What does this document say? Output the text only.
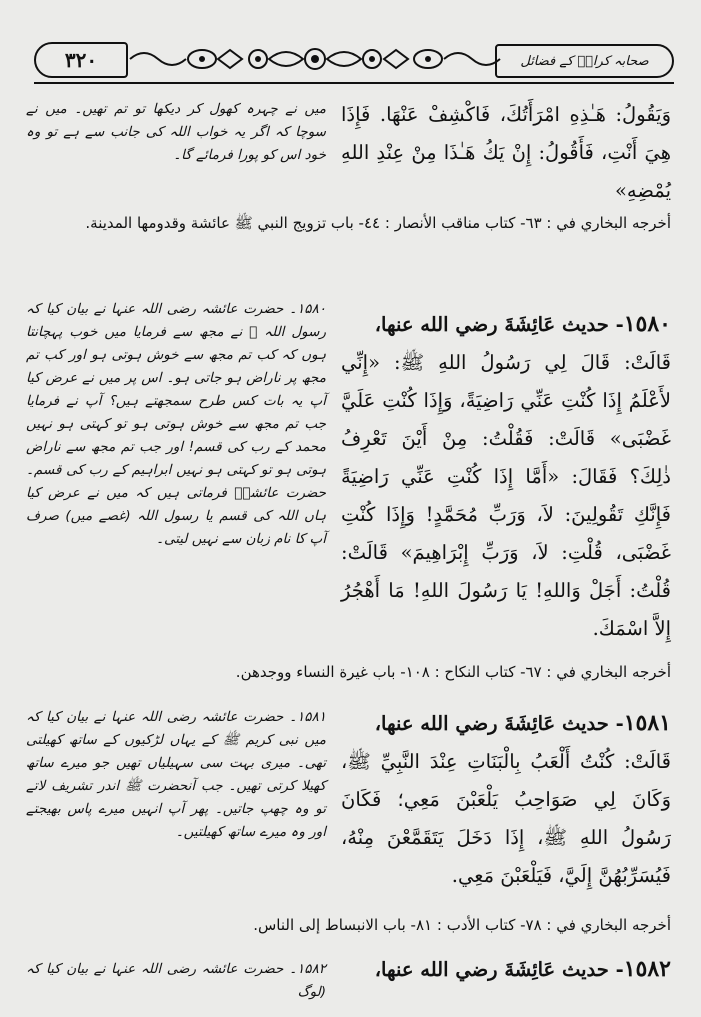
۳۲۰	صحابہ کرامؓ کے فضائل

وَيَقُولُ: هَـٰذِهِ امْرَأَتُكَ، فَاكْشِفْ عَنْهَا. فَإِذَا هِيَ أَنْتِ، فَأَقُولُ: إِنْ يَكُ هَـٰذَا مِنْ عِنْدِ اللهِ يُمْضِهِ»

میں نے چہرہ کھول کر دیکھا تو تم تھیں۔ میں نے سوچا کہ اگر یہ خواب اللہ کی جانب سے ہے تو وہ خود اس کو پورا فرمائے گا۔

أخرجه البخاري في : ٦٣- كتاب مناقب الأنصار : ٤٤- باب تزويج النبي ﷺ عائشة وقدومها المدينة.

١٥٨٠- حديث عَائِشَةَ رضي الله عنها،

قَالَتْ: قَالَ لِي رَسُولُ اللهِ ﷺ: «إِنِّي لأَعْلَمُ إِذَا كُنْتِ عَنِّي رَاضِيَةً، وَإِذَا كُنْتِ عَلَيَّ غَضْبَى» قَالَتْ: فَقُلْتُ: مِنْ أَيْنَ تَعْرِفُ ذٰلِكَ؟ فَقَالَ: «أَمَّا إِذَا كُنْتِ عَنِّي رَاضِيَةً فَإِنَّكِ تَقُولِينَ: لاَ، وَرَبِّ مُحَمَّدٍ! وَإِذَا كُنْتِ غَضْبَى، قُلْتِ: لاَ، وَرَبِّ إِبْرَاهِيمَ» قَالَتْ: قُلْتُ: أَجَلْ وَاللهِ! يَا رَسُولَ اللهِ! مَا أَهْجُرُ إِلاَّ اسْمَكَ.

۱۵۸۰۔ حضرت عائشہ رضی اللہ عنہا نے بیان کیا کہ رسول اللہ ﷺ نے مجھ سے فرمایا میں خوب پہچانتا ہوں کہ کب تم مجھ سے خوش ہوتی ہو اور کب تم مجھ پر ناراض ہو جاتی ہو۔ اس پر میں نے عرض کیا آپ یہ بات کس طرح سمجھتے ہیں؟ آپ نے فرمایا جب تم مجھ سے خوش ہوتی ہو تو کہتی ہو نہیں محمد کے رب کی قسم! اور جب تم مجھ سے ناراض ہوتی ہو تو کہتی ہو نہیں ابراہیم کے رب کی قسم۔ حضرت عائشہؓ فرماتی ہیں کہ میں نے عرض کیا ہاں اللہ کی قسم یا رسول اللہ (غصے میں) صرف آپ کا نام زبان سے نہیں لیتی۔

أخرجه البخاري في : ٦٧- كتاب النكاح : ١٠٨- باب غيرة النساء ووجدهن.

١٥٨١- حديث عَائِشَةَ رضي الله عنها،

قَالَتْ: كُنْتُ أَلْعَبُ بِالْبَنَاتِ عِنْدَ النَّبِيِّ ﷺ، وَكَانَ لِي صَوَاحِبُ يَلْعَبْنَ مَعِي؛ فَكَانَ رَسُولُ اللهِ ﷺ، إِذَا دَخَلَ يَتَقَمَّعْنَ مِنْهُ، فَيُسَرِّبُهُنَّ إِلَيَّ، فَيَلْعَبْنَ مَعِي.

۱۵۸۱۔ حضرت عائشہ رضی اللہ عنہا نے بیان کیا کہ میں نبی کریم ﷺ کے یہاں لڑکیوں کے ساتھ کھیلتی تھی۔ میری بہت سی سہیلیاں تھیں جو میرے ساتھ کھیلا کرتی تھیں۔ جب آنحضرت ﷺ اندر تشریف لاتے تو وہ چھپ جاتیں۔ پھر آپ انہیں میرے پاس بھیجتے اور وہ میرے ساتھ کھیلتیں۔

أخرجه البخاري في : ٧٨- كتاب الأدب : ٨١- باب الانبساط إلى الناس.

١٥٨٢- حديث عَائِشَةَ رضي الله عنها،

۱۵۸۲۔ حضرت عائشہ رضی اللہ عنہا نے بیان کیا کہ (لوگ
